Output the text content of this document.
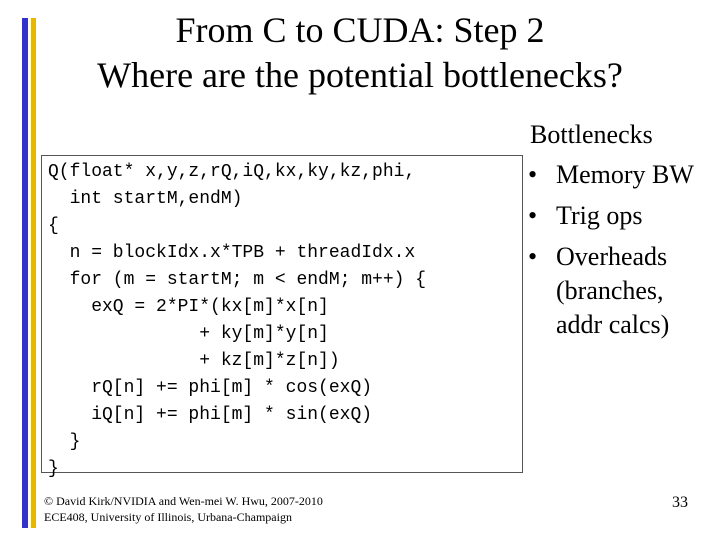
From C to CUDA: Step 2
Where are the potential bottlenecks?
Q(float* x,y,z,rQ,iQ,kx,ky,kz,phi,
int startM,endM)
{
n = blockIdx.x*TPB + threadIdx.x
for (m = startM; m < endM; m++) {
exQ = 2*PI*(kx[m]*x[n]
+ ky[m]*y[n]
+ kz[m]*z[n])
rQ[n] += phi[m] * cos(exQ)
iQ[n] += phi[m] * sin(exQ)
}
}
Bottlenecks
• Memory BW
• Trig ops
• Overheads
(branches,
addr calcs)
© David Kirk/NVIDIA and Wen-mei W. Hwu, 2007-2010
ECE408, University of Illinois, Urbana-Champaign
33
